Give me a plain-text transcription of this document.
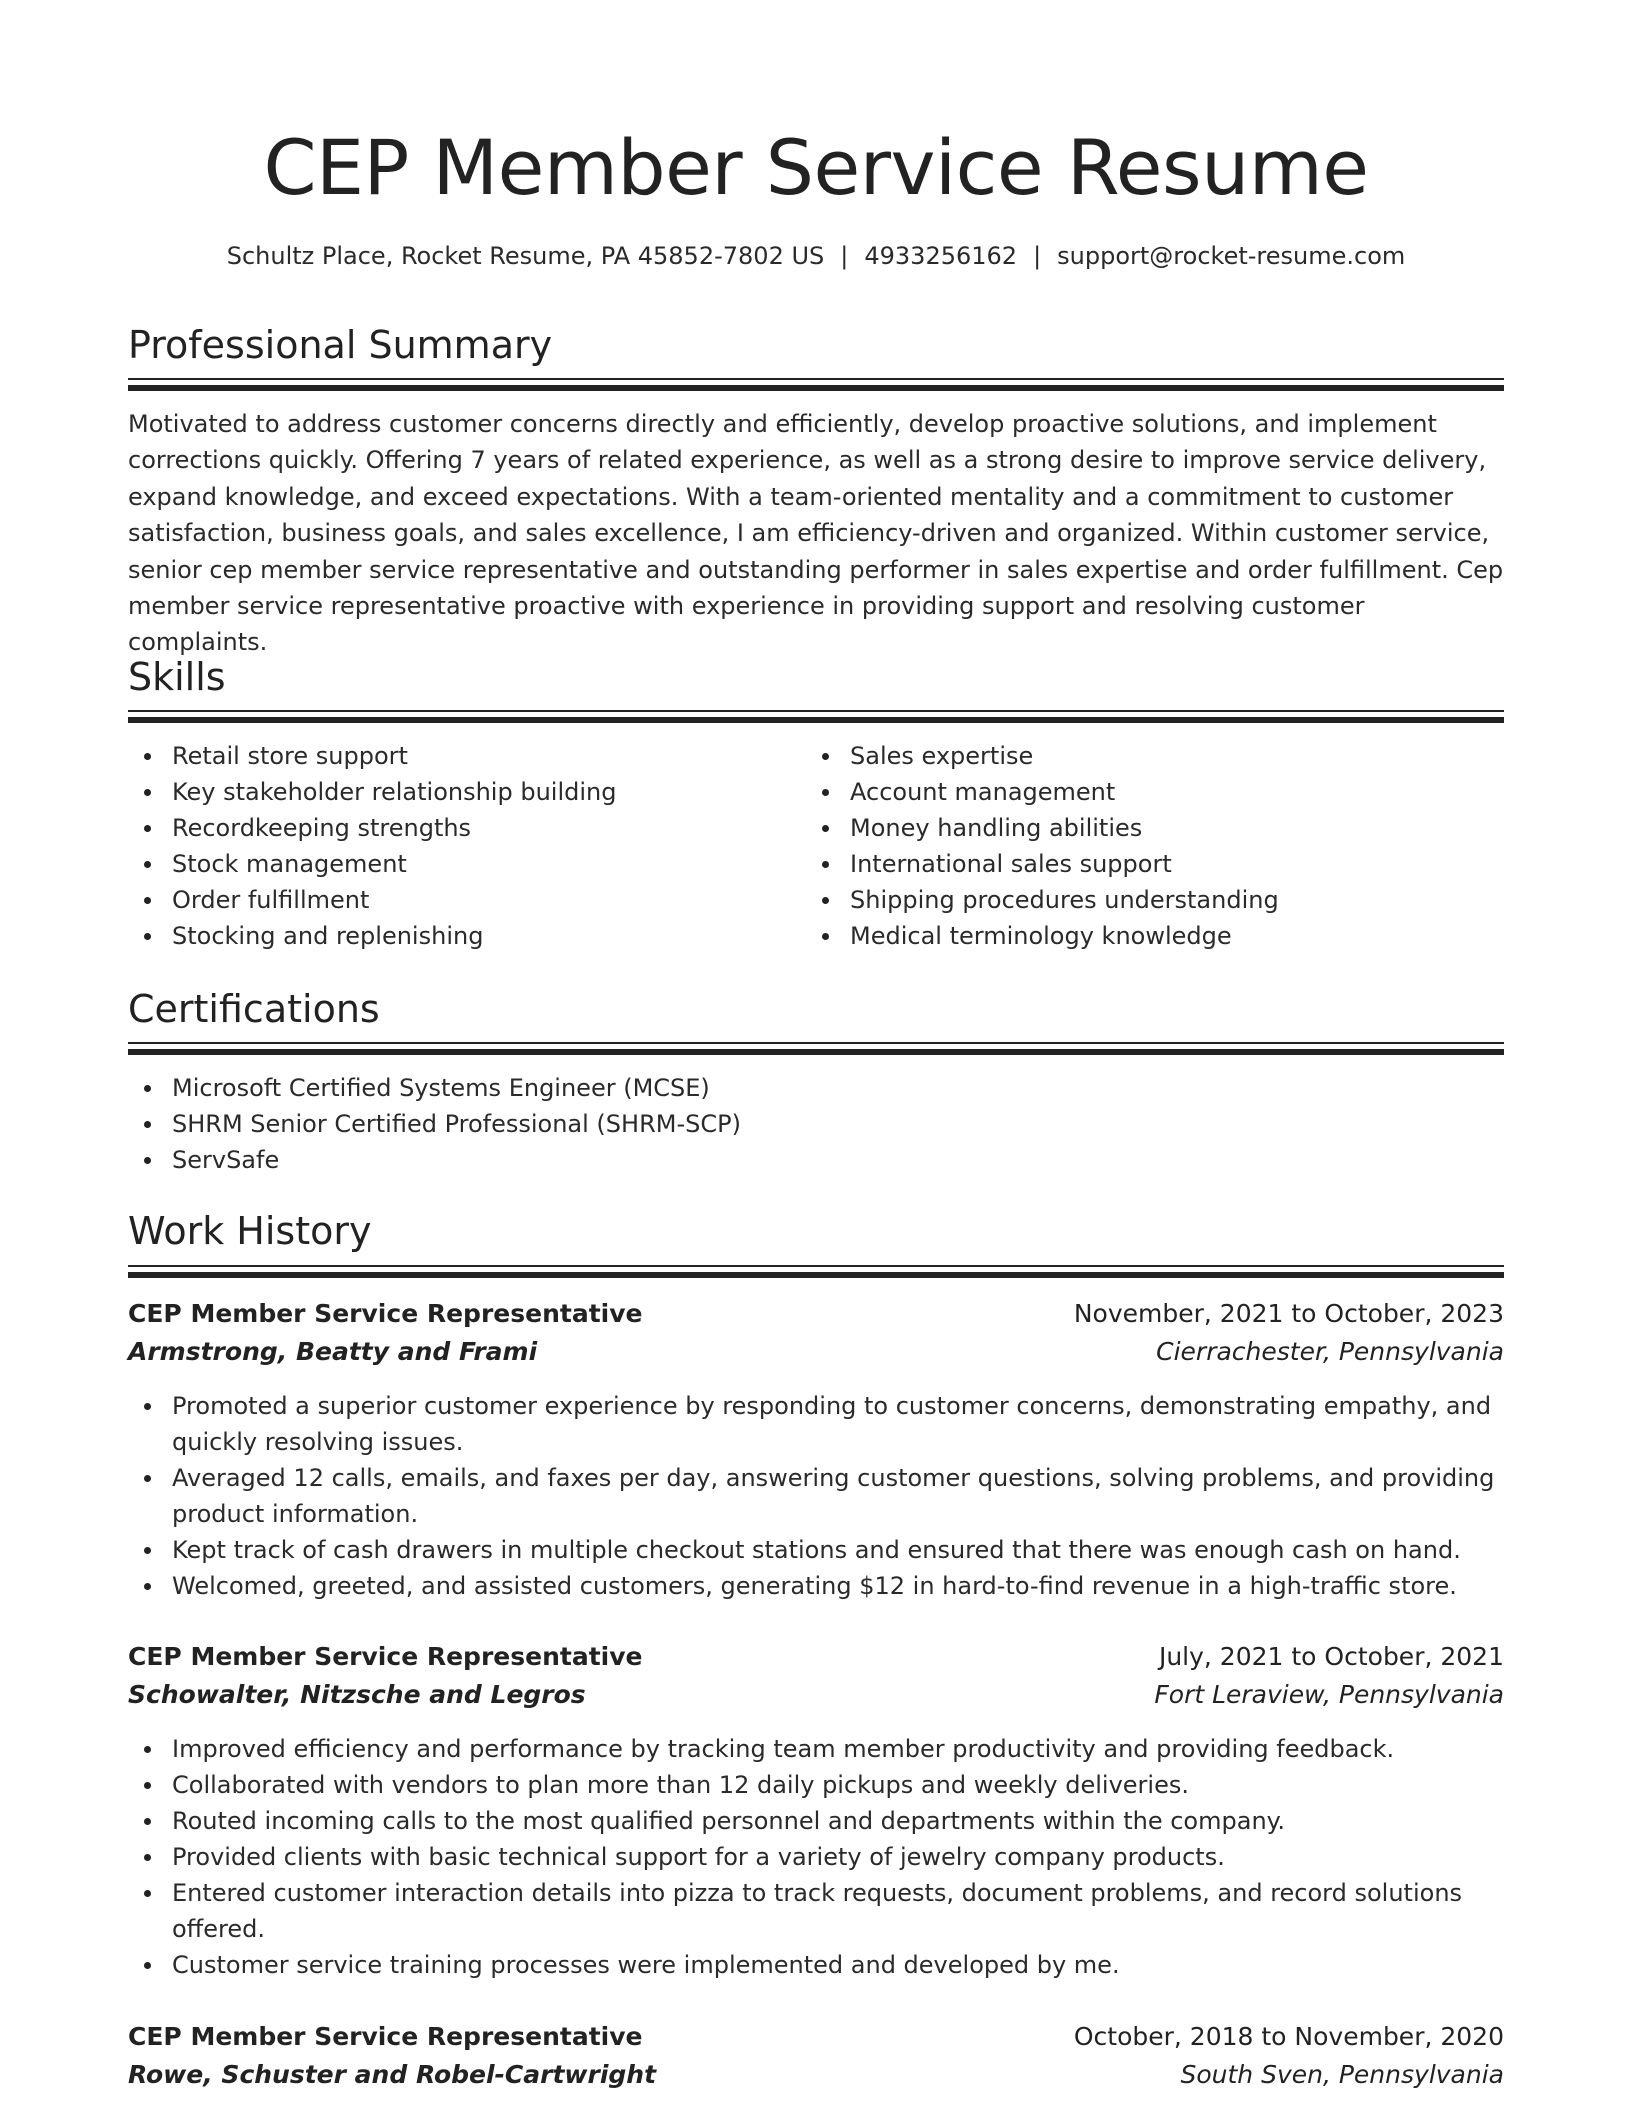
CEP Member Service Resume
Schultz Place, Rocket Resume, PA 45852-7802 US | 4933256162 | support@rocket-resume.com
Professional Summary

Motivated to address customer concerns directly and efficiently, develop proactive solutions, and implement corrections quickly. Offering 7 years of related experience, as well as a strong desire to improve service delivery, expand knowledge, and exceed expectations. With a team-oriented mentality and a commitment to customer satisfaction, business goals, and sales excellence, I am efficiency-driven and organized. Within customer service, senior cep member service representative and outstanding performer in sales expertise and order fulfillment. Cep member service representative proactive with experience in providing support and resolving customer complaints.

Skills
Retail store support
Key stakeholder relationship building
Recordkeeping strengths
Stock management
Order fulfillment
Stocking and replenishing
Sales expertise
Account management
Money handling abilities
International sales support
Shipping procedures understanding
Medical terminology knowledge
Certifications
Microsoft Certified Systems Engineer (MCSE)
SHRM Senior Certified Professional (SHRM-SCP)
ServSafe
Work History
CEP Member Service Representative	November, 2021 to October, 2023
Armstrong, Beatty and Frami	Cierrachester, Pennsylvania
Promoted a superior customer experience by responding to customer concerns, demonstrating empathy, and quickly resolving issues.
Averaged 12 calls, emails, and faxes per day, answering customer questions, solving problems, and providing product information.
Kept track of cash drawers in multiple checkout stations and ensured that there was enough cash on hand.
Welcomed, greeted, and assisted customers, generating $12 in hard-to-find revenue in a high-traffic store.
CEP Member Service Representative	July, 2021 to October, 2021
Schowalter, Nitzsche and Legros	Fort Leraview, Pennsylvania
Improved efficiency and performance by tracking team member productivity and providing feedback.
Collaborated with vendors to plan more than 12 daily pickups and weekly deliveries.
Routed incoming calls to the most qualified personnel and departments within the company.
Provided clients with basic technical support for a variety of jewelry company products.
Entered customer interaction details into pizza to track requests, document problems, and record solutions offered.
Customer service training processes were implemented and developed by me.
CEP Member Service Representative	October, 2018 to November, 2020
Rowe, Schuster and Robel-Cartwright	South Sven, Pennsylvania
